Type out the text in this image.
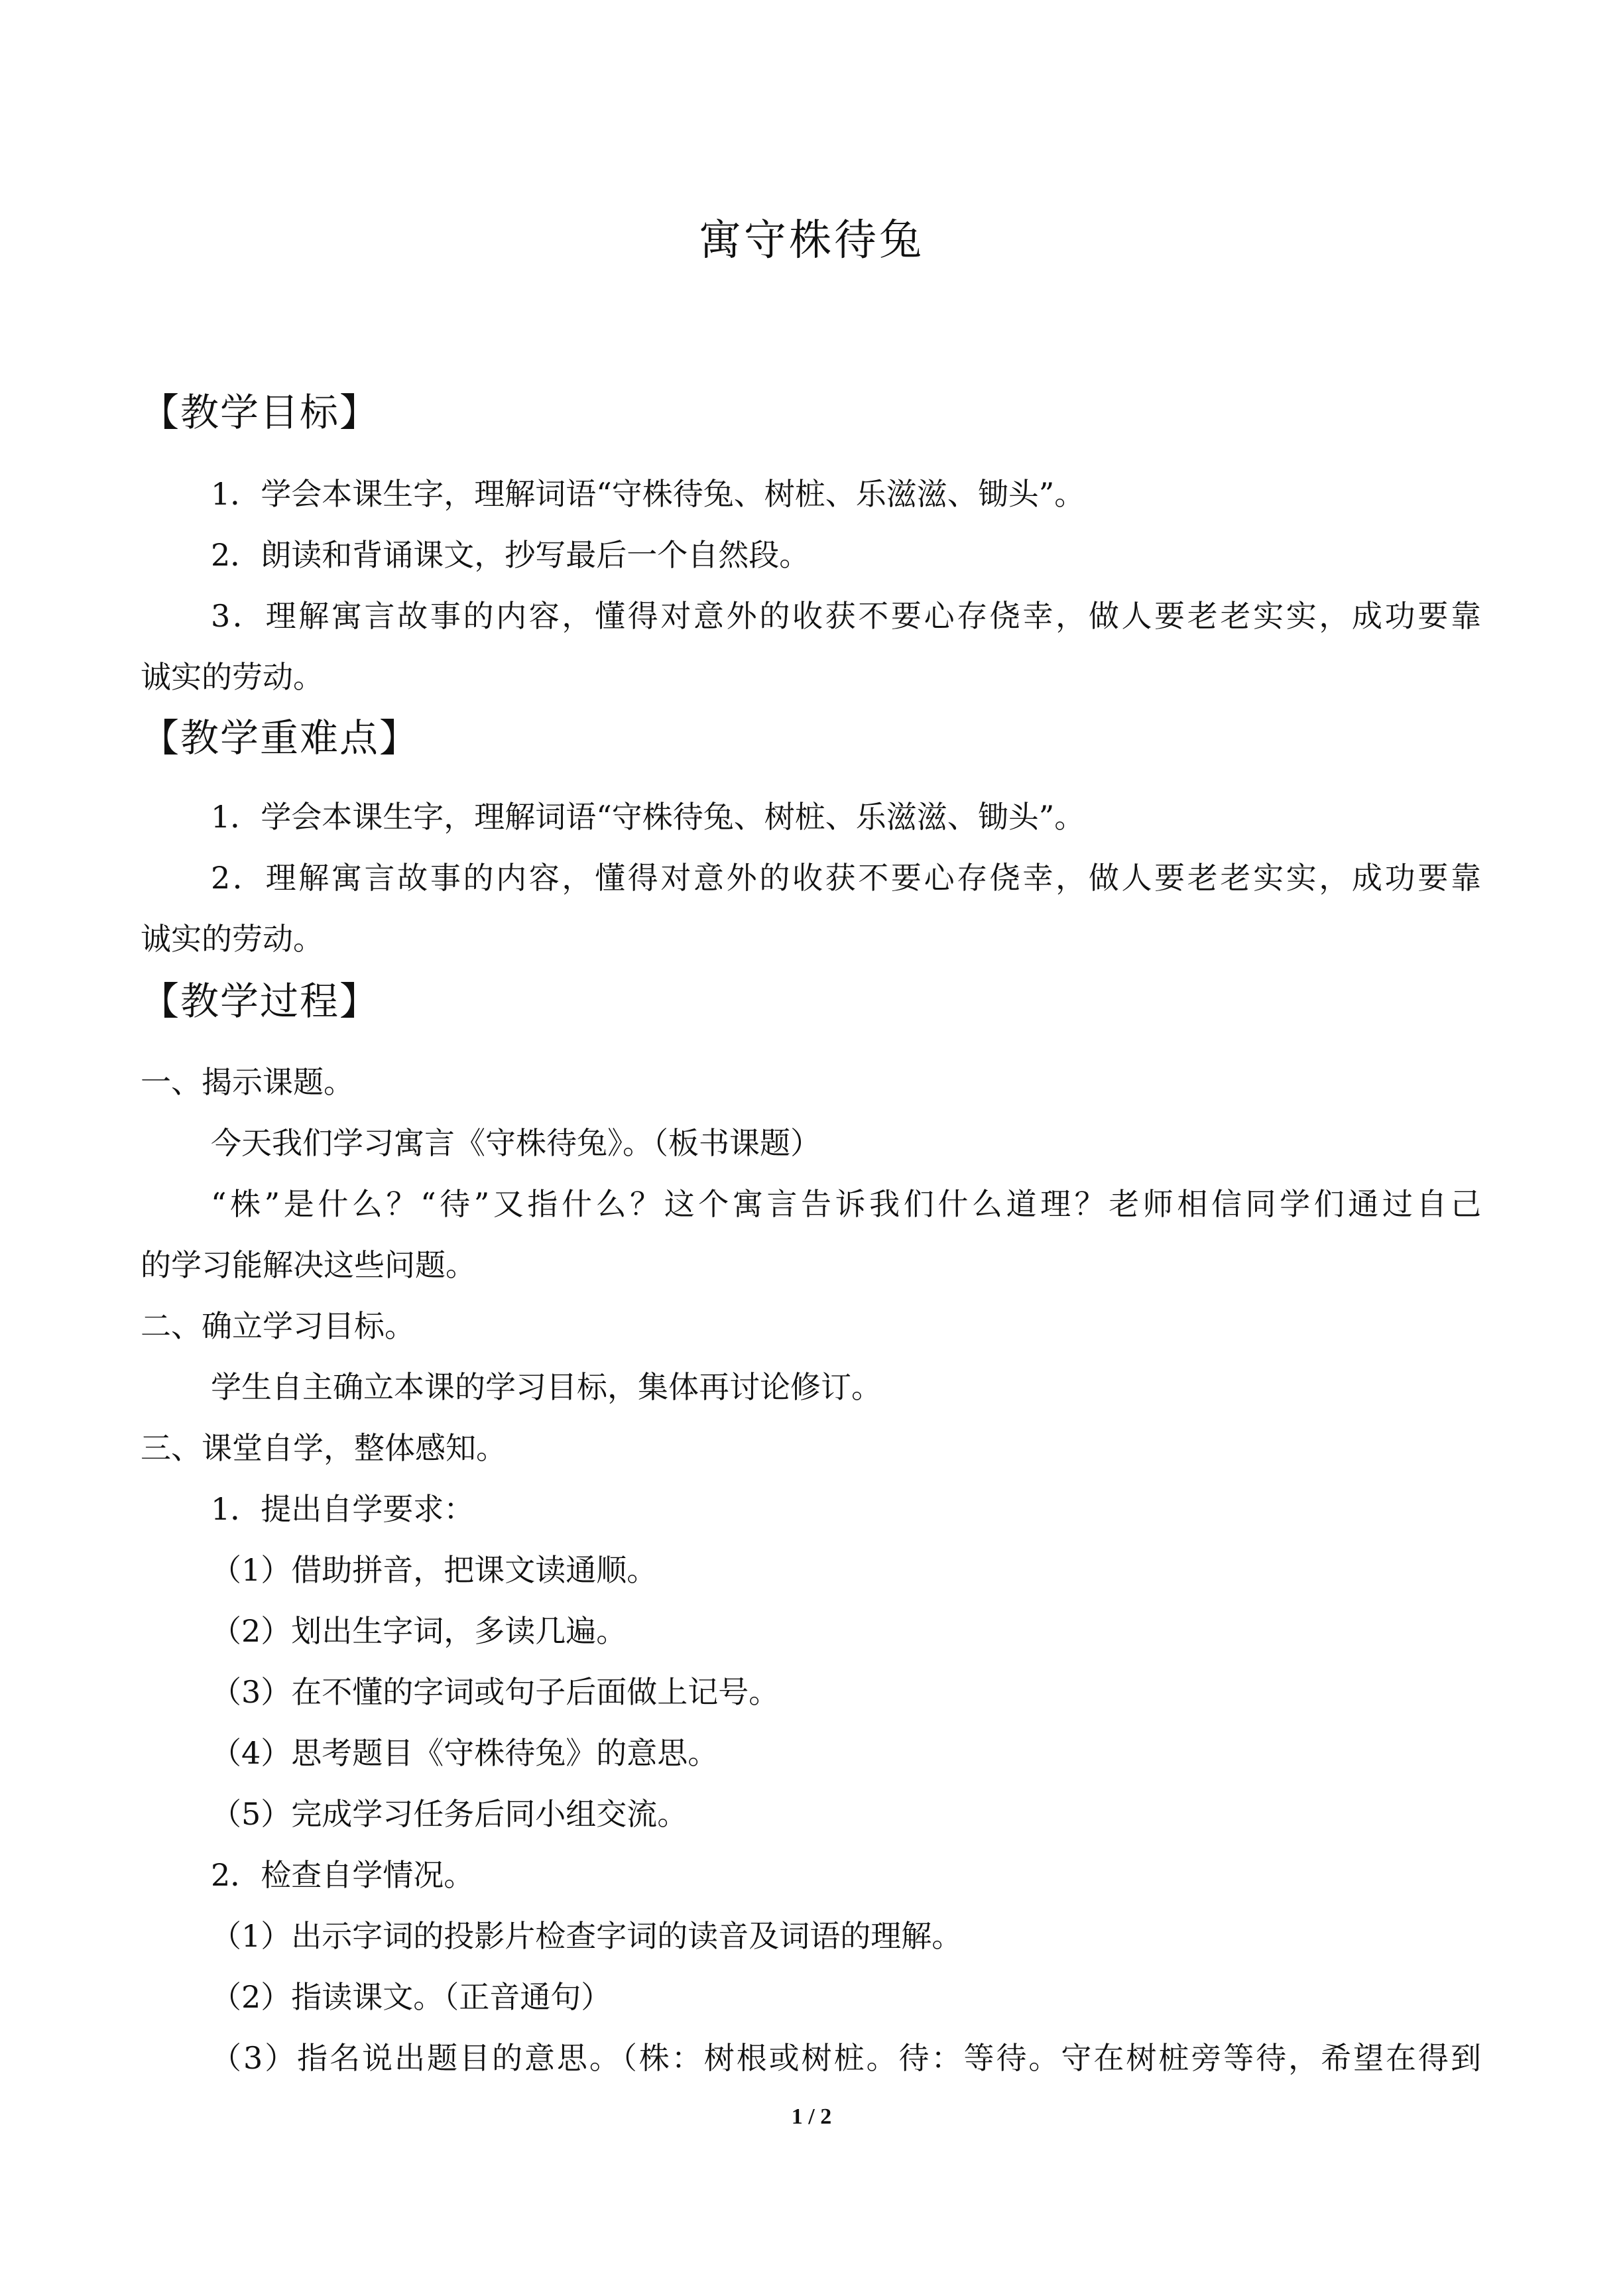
寓守株待兔
【教学目标】
1．学会本课生字，理解词语“守株待兔、树桩、乐滋滋、锄头”。
2．朗读和背诵课文，抄写最后一个自然段。
3．理解寓言故事的内容，懂得对意外的收获不要心存侥幸，做人要老老实实，成功要靠
诚实的劳动。
【教学重难点】
1．学会本课生字，理解词语“守株待兔、树桩、乐滋滋、锄头”。
2．理解寓言故事的内容，懂得对意外的收获不要心存侥幸，做人要老老实实，成功要靠
诚实的劳动。
【教学过程】
一、揭示课题。
今天我们学习寓言《守株待兔》。（板书课题）
“株”是什么？“待”又指什么？这个寓言告诉我们什么道理？老师相信同学们通过自己
的学习能解决这些问题。
二、确立学习目标。
学生自主确立本课的学习目标，集体再讨论修订。
三、课堂自学，整体感知。
1．提出自学要求：
（1）借助拼音，把课文读通顺。
（2）划出生字词，多读几遍。
（3）在不懂的字词或句子后面做上记号。
（4）思考题目《守株待兔》的意思。
（5）完成学习任务后同小组交流。
2．检查自学情况。
（1）出示字词的投影片检查字词的读音及词语的理解。
（2）指读课文。（正音通句）
（3）指名说出题目的意思。（株：树根或树桩。待：等待。守在树桩旁等待，希望在得到
1 / 2
